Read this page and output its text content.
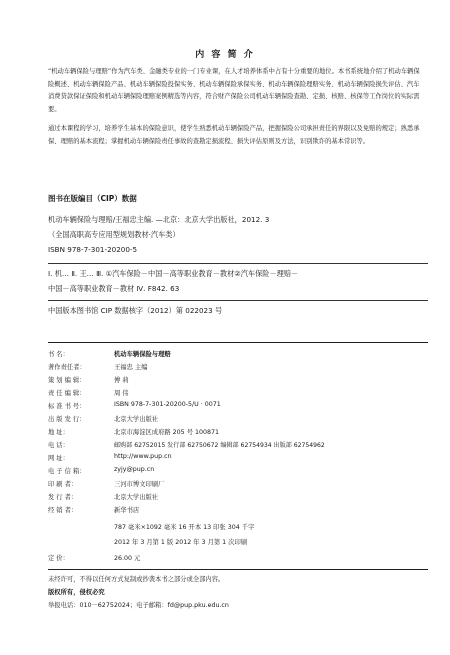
内 容 简 介
“机动车辆保险与理赔”作为汽车类、金融类专业的一门专业课，在人才培养体系中占有十分重要的地位。本书系统地介绍了机动车辆保险概述、机动车辆保险产品、机动车辆保险投保实务、机动车辆保险承保实务、机动车辆保险理赔实务、机动车辆保险损失评估、汽车消费贷款保证保险和机动车辆保险理赔案例精选等内容，符合财产保险公司机动车辆保险查勘、定损、核赔、核保等工作岗位的实际需要。
通过本课程的学习，培养学生基本的保险意识，使学生熟悉机动车辆保险产品，把握保险公司承担责任的界限以及免赔的规定；熟悉承保、理赔的基本流程；掌握机动车辆保险责任事故的查勘定损流程、损失评估原则及方法，识别欺诈的基本常识等。
图书在版编目（CIP）数据
机动车辆保险与理赔/王福忠主编. —北京：北京大学出版社，2012. 3
（全国高职高专应用型规划教材·汽车类）
ISBN 978-7-301-20200-5
Ⅰ. 机… Ⅱ. 王… Ⅲ. ①汽车保险－中国－高等职业教育－教材②汽车保险－理赔－
中国－高等职业教育－教材 Ⅳ. F842. 63
中国版本图书馆 CIP 数据核字（2012）第 022023 号
书 名：	机动车辆保险与理赔
著作责任者：	王福忠 主编
策 划 编 辑：	傅 莉
责 任 编 辑：	周 伟
标 准 书 号：	ISBN 978-7-301-20200-5/U · 0071
出 版 发 行：	北京大学出版社
地 址：	北京市海淀区成府路 205 号 100871
电 话：	邮购部 62752015 发行部 62750672 编辑部 62754934 出版部 62754962
网 址：	http://www.pup.cn
电 子 信 箱：	zyjy@pup.cn
印 刷 者：	三河市博文印刷厂
发 行 者：	北京大学出版社
经 销 者：	新华书店
787 毫米×1092 毫米 16 开本 13 印张 304 千字
2012 年 3 月第 1 版 2012 年 3 月第 1 次印刷
定 价：	26.00 元
未经许可，不得以任何方式复制或抄袭本书之部分或全部内容。
版权所有，侵权必究
举报电话：010－62752024；电子邮箱：fd@pup.pku.edu.cn
